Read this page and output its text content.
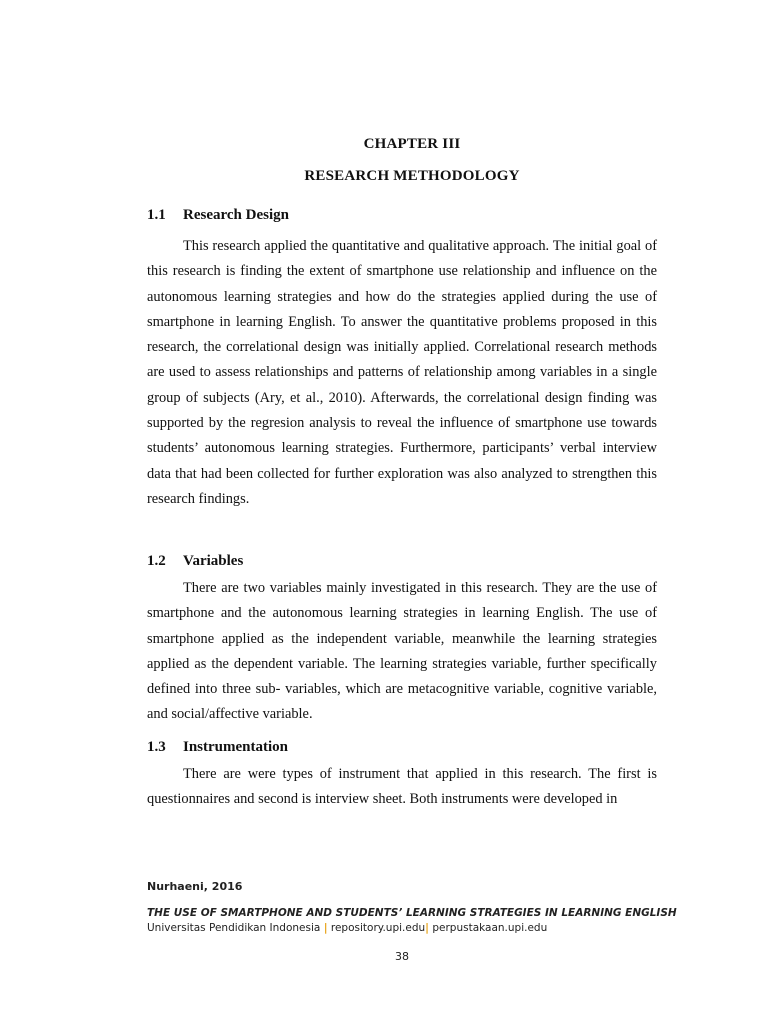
CHAPTER III
RESEARCH METHODOLOGY
1.1 Research Design

This research applied the quantitative and qualitative approach. The initial goal of this research is finding the extent of smartphone use relationship and influence on the autonomous learning strategies and how do the strategies applied during the use of smartphone in learning English. To answer the quantitative problems proposed in this research, the correlational design was initially applied. Correlational research methods are used to assess relationships and patterns of relationship among variables in a single group of subjects (Ary, et al., 2010). Afterwards, the correlational design finding was supported by the regresion analysis to reveal the influence of smartphone use towards students’ autonomous learning strategies. Furthermore, participants’ verbal interview data that had been collected for further exploration was also analyzed to strengthen this research findings.

1.2 Variables

There are two variables mainly investigated in this research. They are the use of smartphone and the autonomous learning strategies in learning English. The use of smartphone applied as the independent variable, meanwhile the learning strategies applied as the dependent variable. The learning strategies variable, further specifically defined into three sub- variables, which are metacognitive variable, cognitive variable, and social/affective variable.

1.3 Instrumentation

There are were types of instrument that applied in this research. The first is questionnaires and second is interview sheet. Both instruments were developed in

Nurhaeni, 2016
THE USE OF SMARTPHONE AND STUDENTS’ LEARNING STRATEGIES IN LEARNING ENGLISH
Universitas Pendidikan Indonesia | repository.upi.edu| perpustakaan.upi.edu
38
